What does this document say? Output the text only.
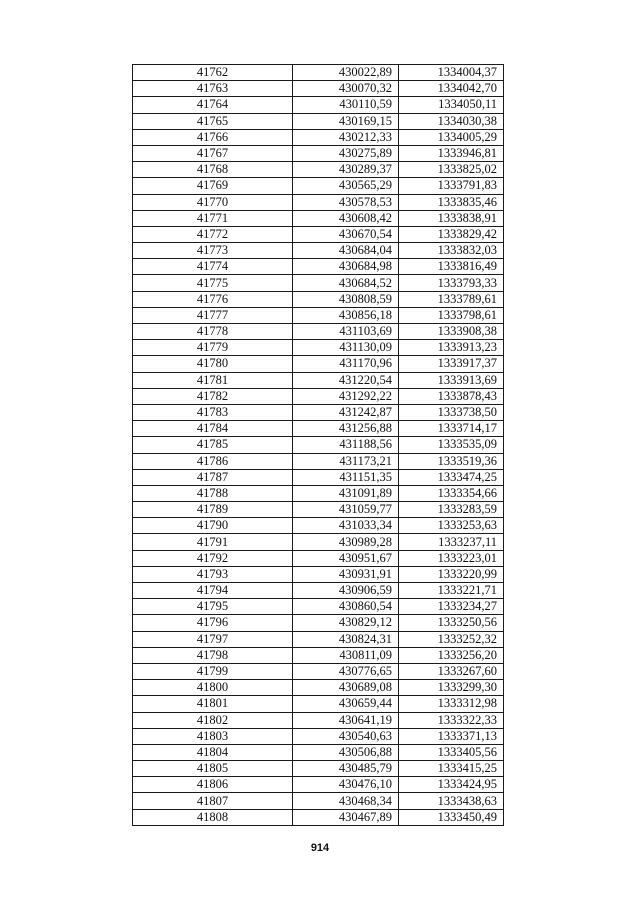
41762	430022,89	1334004,37
41763	430070,32	1334042,70
41764	430110,59	1334050,11
41765	430169,15	1334030,38
41766	430212,33	1334005,29
41767	430275,89	1333946,81
41768	430289,37	1333825,02
41769	430565,29	1333791,83
41770	430578,53	1333835,46
41771	430608,42	1333838,91
41772	430670,54	1333829,42
41773	430684,04	1333832,03
41774	430684,98	1333816,49
41775	430684,52	1333793,33
41776	430808,59	1333789,61
41777	430856,18	1333798,61
41778	431103,69	1333908,38
41779	431130,09	1333913,23
41780	431170,96	1333917,37
41781	431220,54	1333913,69
41782	431292,22	1333878,43
41783	431242,87	1333738,50
41784	431256,88	1333714,17
41785	431188,56	1333535,09
41786	431173,21	1333519,36
41787	431151,35	1333474,25
41788	431091,89	1333354,66
41789	431059,77	1333283,59
41790	431033,34	1333253,63
41791	430989,28	1333237,11
41792	430951,67	1333223,01
41793	430931,91	1333220,99
41794	430906,59	1333221,71
41795	430860,54	1333234,27
41796	430829,12	1333250,56
41797	430824,31	1333252,32
41798	430811,09	1333256,20
41799	430776,65	1333267,60
41800	430689,08	1333299,30
41801	430659,44	1333312,98
41802	430641,19	1333322,33
41803	430540,63	1333371,13
41804	430506,88	1333405,56
41805	430485,79	1333415,25
41806	430476,10	1333424,95
41807	430468,34	1333438,63
41808	430467,89	1333450,49
914
